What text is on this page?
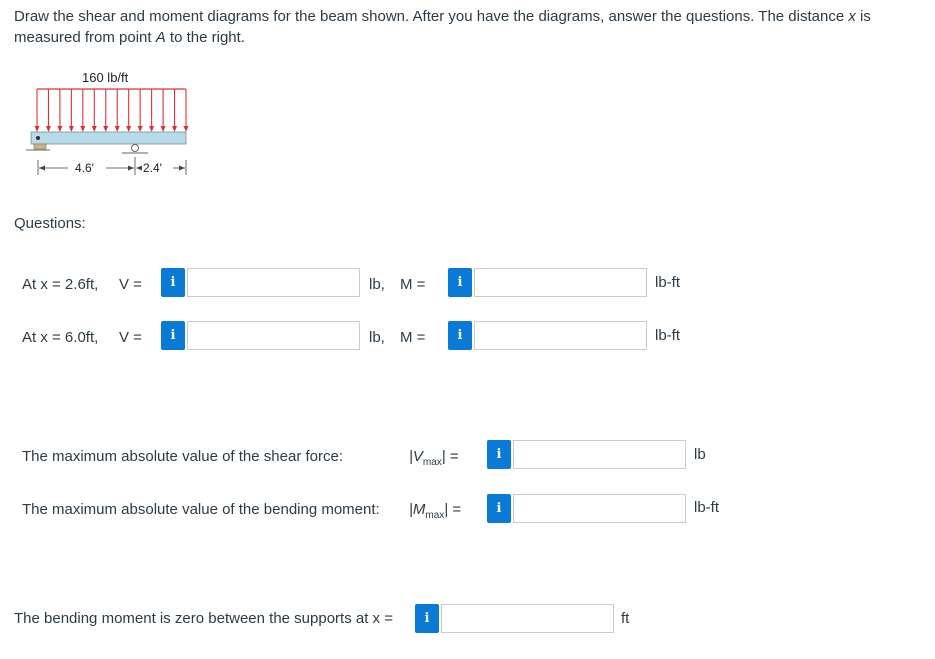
Draw the shear and moment diagrams for the beam shown. After you have the diagrams, answer the questions. The distance x is measured from point A to the right.
160 lb/ft
4.6'	2.4'
Questions:
At x = 2.6ft, V =	i	lb, M =	i	lb-ft
At x = 6.0ft, V =	i	lb, M =	i	lb-ft
The maximum absolute value of the shear force:	$|V_{max}|$ =	i	lb
The maximum absolute value of the bending moment: $|M_{max}|$ =	i	lb-ft
The bending moment is zero between the supports at x =	i	ft
